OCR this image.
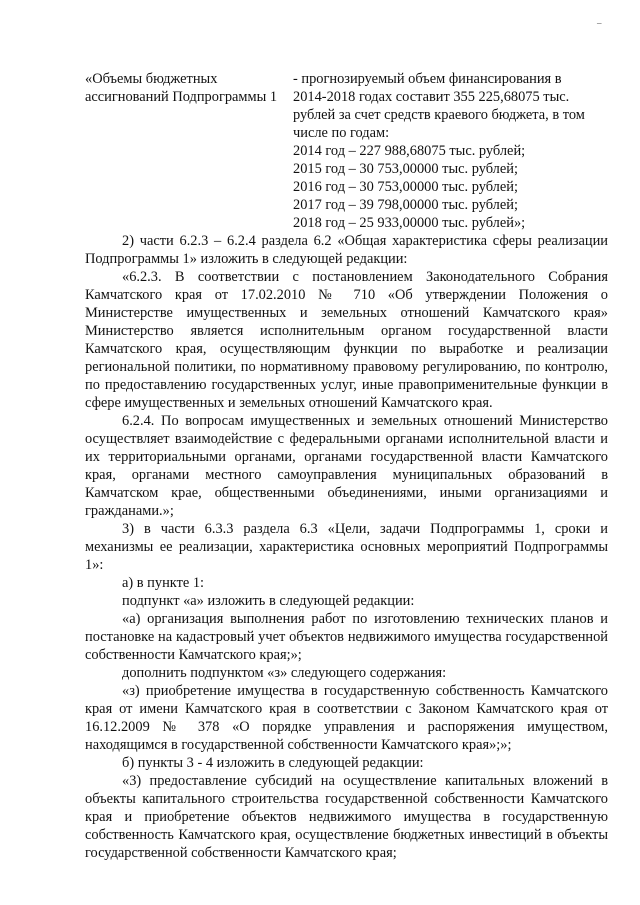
–
«Объемы бюджетных
ассигнований Подпрограммы 1
- прогнозируемый объем финансирования в
2014-2018 годах составит 355 225,68075 тыс.
рублей за счет средств краевого бюджета, в том
числе по годам:
2014 год – 227 988,68075 тыс. рублей;
2015 год – 30 753,00000 тыс. рублей;
2016 год – 30 753,00000 тыс. рублей;
2017 год – 39 798,00000 тыс. рублей;
2018 год – 25 933,00000 тыс. рублей»;

2) части 6.2.3 – 6.2.4 раздела 6.2 «Общая характеристика сферы реализации Подпрограммы 1» изложить в следующей редакции:

«6.2.3. В соответствии с постановлением Законодательного Собрания Камчатского края от 17.02.2010 № 710 «Об утверждении Положения о Министерстве имущественных и земельных отношений Камчатского края» Министерство является исполнительным органом государственной власти Камчатского края, осуществляющим функции по выработке и реализации региональной политики, по нормативному правовому регулированию, по контролю, по предоставлению государственных услуг, иные правоприменительные функции в сфере имущественных и земельных отношений Камчатского края.

6.2.4. По вопросам имущественных и земельных отношений Министерство осуществляет взаимодействие с федеральными органами исполнительной власти и их территориальными органами, органами государственной власти Камчатского края, органами местного самоуправления муниципальных образований в Камчатском крае, общественными объединениями, иными организациями и гражданами.»;

3) в части 6.3.3 раздела 6.3 «Цели, задачи Подпрограммы 1, сроки и механизмы ее реализации, характеристика основных мероприятий Подпрограммы 1»:

а) в пункте 1:

подпункт «а» изложить в следующей редакции:

«а) организация выполнения работ по изготовлению технических планов и постановке на кадастровый учет объектов недвижимого имущества государственной собственности Камчатского края;»;

дополнить подпунктом «з» следующего содержания:

«з) приобретение имущества в государственную собственность Камчатского края от имени Камчатского края в соответствии с Законом Камчатского края от 16.12.2009 № 378 «О порядке управления и распоряжения имуществом, находящимся в государственной собственности Камчатского края»;»;

б) пункты 3 - 4 изложить в следующей редакции:

«3) предоставление субсидий на осуществление капитальных вложений в объекты капитального строительства государственной собственности Камчатского края и приобретение объектов недвижимого имущества в государственную собственность Камчатского края, осуществление бюджетных инвестиций в объекты государственной собственности Камчатского края;
